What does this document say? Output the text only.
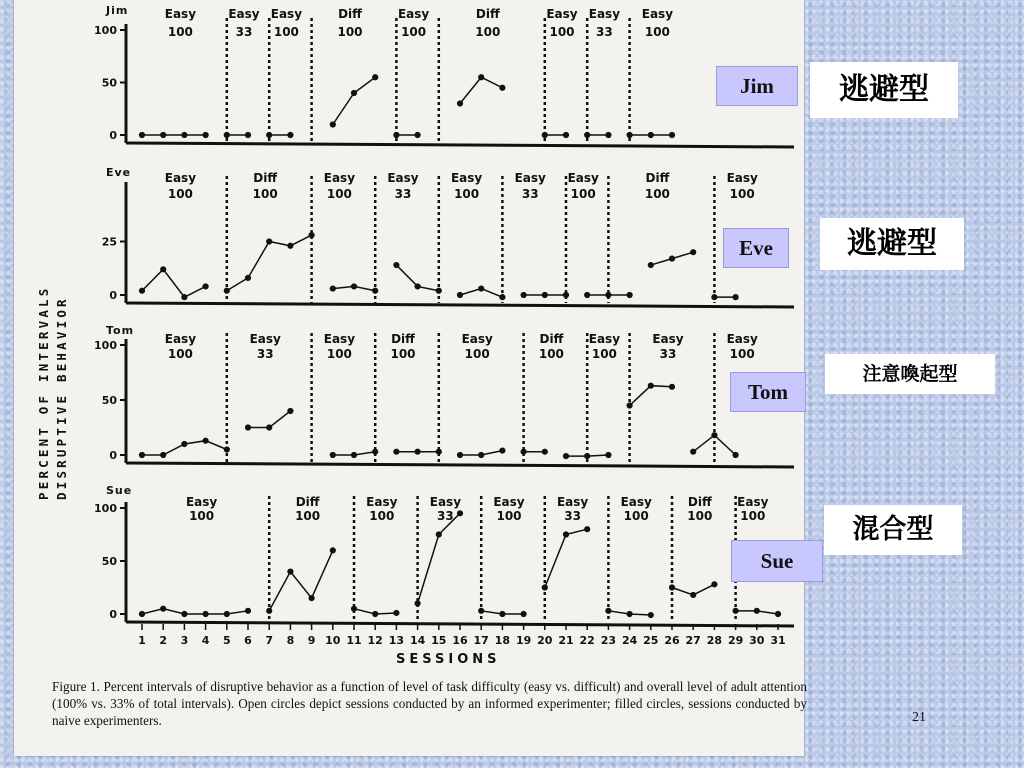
PERCENT OF INTERVALS DISRUPTIVE BEHAVIOR
Jim
100
50
0
Easy
100
Easy
33
Easy
100
Diff
100
Easy
100
Diff
100
Easy
100
Easy
33
Easy
100
Eve
25
0
Easy
100
Diff
100
Easy
100
Easy
33
Easy
100
Easy
33
Easy
100
Diff
100
Easy
100
Tom
100
50
0
Easy
100
Easy
33
Easy
100
Diff
100
Easy
100
Diff
100
Easy
100
Easy
33
Easy
100
Sue
100
50
0
Easy
100
Diff
100
Easy
100
Easy
33
Easy
100
Easy
33
Easy
100
Diff
100
Easy
100
1 2 3 4 5 6 7 8 9 10 11 12 13 14 15 16 17 18 19 20 21 22 23 24 25 26 27 28 29 30 31
SESSIONS
Figure 1. Percent intervals of disruptive behavior as a function of level of task difficulty (easy vs. difficult) and overall level of adult attention (100% vs. 33% of total intervals). Open circles depict sessions conducted by an informed experimenter; filled circles, sessions conducted by naive experimenters.
Jim	逃避型
Eve	逃避型
Tom
注意喚起型
Sue
混合型
21
